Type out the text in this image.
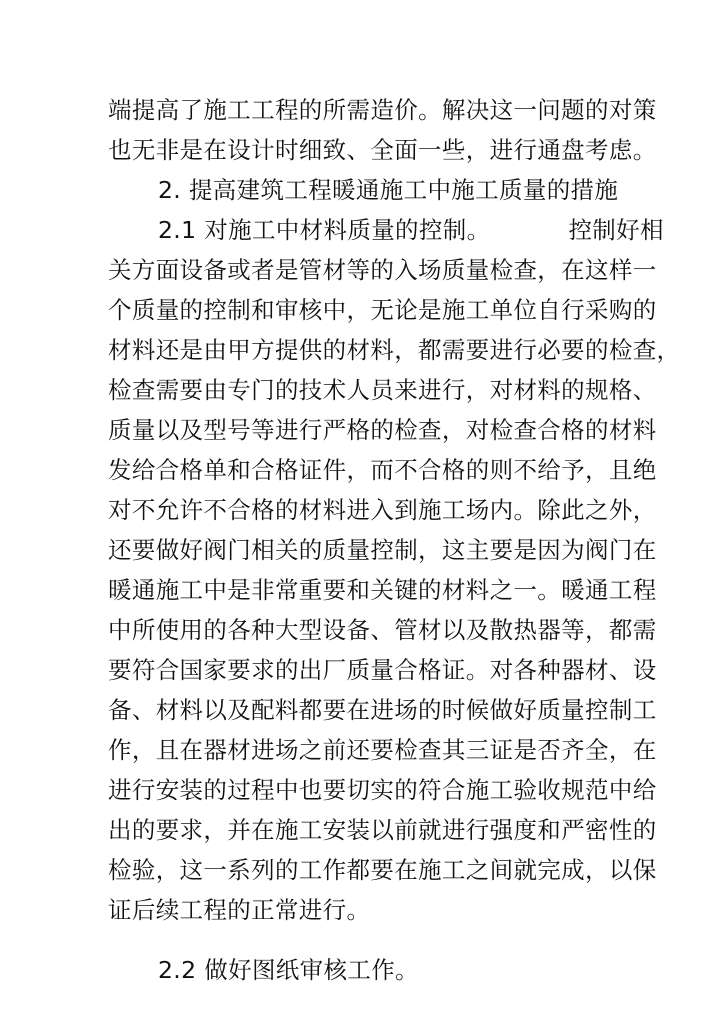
端提高了施工工程的所需造价。解决这一问题的对策
也无非是在设计时细致、全面一些，进行通盘考虑。
2. 提高建筑工程暖通施工中施工质量的措施
2.1 对施工中材料质量的控制。	控制好相
关方面设备或者是管材等的入场质量检查，在这样一
个质量的控制和审核中，无论是施工单位自行采购的
材料还是由甲方提供的材料，都需要进行必要的检查，
检查需要由专门的技术人员来进行，对材料的规格、
质量以及型号等进行严格的检查，对检查合格的材料
发给合格单和合格证件，而不合格的则不给予，且绝
对不允许不合格的材料进入到施工场内。除此之外，
还要做好阀门相关的质量控制，这主要是因为阀门在
暖通施工中是非常重要和关键的材料之一。暖通工程
中所使用的各种大型设备、管材以及散热器等，都需
要符合国家要求的出厂质量合格证。对各种器材、设
备、材料以及配料都要在进场的时候做好质量控制工
作，且在器材进场之前还要检查其三证是否齐全，在
进行安装的过程中也要切实的符合施工验收规范中给
出的要求，并在施工安装以前就进行强度和严密性的
检验，这一系列的工作都要在施工之间就完成，以保
证后续工程的正常进行。
2.2 做好图纸审核工作。
